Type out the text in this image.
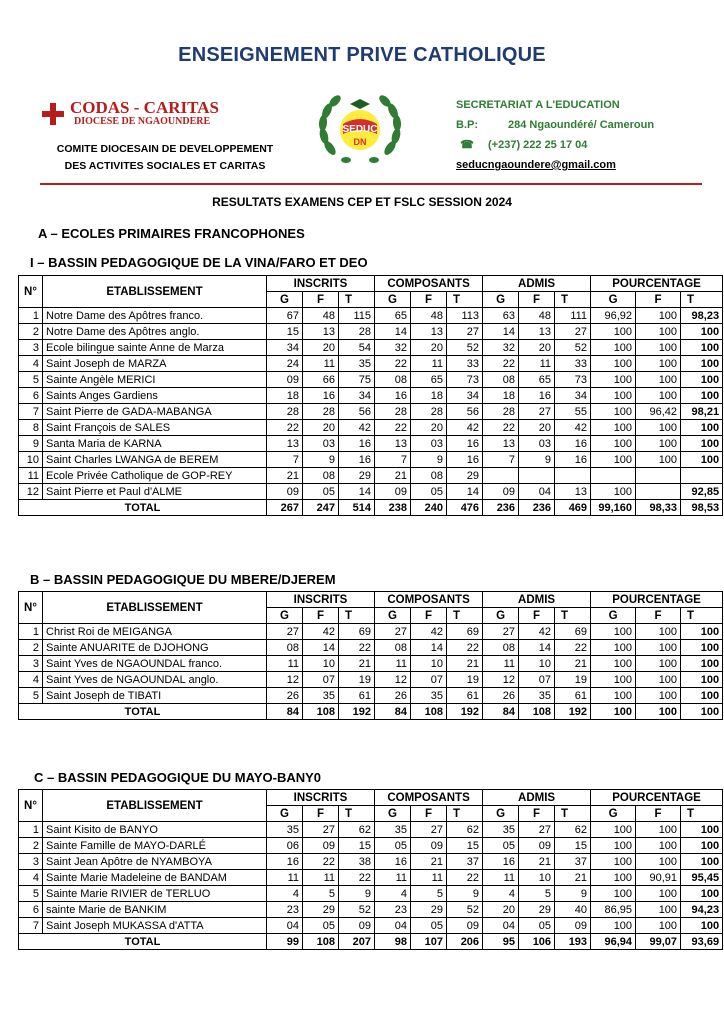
ENSEIGNEMENT PRIVE CATHOLIQUE
CODAS - CARITAS
DIOCESE DE NGAOUNDERE
COMITE DIOCESAIN DE DEVELOPPEMENT
DES ACTIVITES SOCIALES ET CARITAS
SEDUC
DN
SECRETARIAT A L'EDUCATION
B.P:	284 Ngaoundéré/ Cameroun
☎	(+237) 222 25 17 04
seducngaoundere@gmail.com
RESULTATS EXAMENS CEP ET FSLC SESSION 2024
A – ECOLES PRIMAIRES FRANCOPHONES
I – BASSIN PEDAGOGIQUE DE LA VINA/FARO ET DEO
N°	ETABLISSEMENT	INSCRITS			COMPOSANTS			ADMIS			POURCENTAGE		
		G	F	T	G	F	T	G	F	T	G	F	T
1	Notre Dame des Apôtres franco.	67	48	115	65	48	113	63	48	111	96,92	100	98,23
2	Notre Dame des Apôtres anglo.	15	13	28	14	13	27	14	13	27	100	100	100
3	Ecole bilingue sainte Anne de Marza	34	20	54	32	20	52	32	20	52	100	100	100
4	Saint Joseph de MARZA	24	11	35	22	11	33	22	11	33	100	100	100
5	Sainte Angèle MERICI	09	66	75	08	65	73	08	65	73	100	100	100
6	Saints Anges Gardiens	18	16	34	16	18	34	18	16	34	100	100	100
7	Saint Pierre de GADA-MABANGA	28	28	56	28	28	56	28	27	55	100	96,42	98,21
8	Saint François de SALES	22	20	42	22	20	42	22	20	42	100	100	100
9	Santa Maria de KARNA	13	03	16	13	03	16	13	03	16	100	100	100
10	Saint Charles LWANGA de BEREM	7	9	16	7	9	16	7	9	16	100	100	100
11	Ecole Privée Catholique de GOP-REY	21	08	29	21	08	29						
12	Saint Pierre et Paul d'ALME	09	05	14	09	05	14	09	04	13	100		92,85
TOTAL		267	247	514	238	240	476	236	236	469	99,160	98,33	98,53
B – BASSIN PEDAGOGIQUE DU MBERE/DJEREM
N°	ETABLISSEMENT	INSCRITS			COMPOSANTS			ADMIS			POURCENTAGE		
		G	F	T	G	F	T	G	F	T	G	F	T
1	Christ Roi de MEIGANGA	27	42	69	27	42	69	27	42	69	100	100	100
2	Sainte ANUARITE de DJOHONG	08	14	22	08	14	22	08	14	22	100	100	100
3	Saint Yves de NGAOUNDAL franco.	11	10	21	11	10	21	11	10	21	100	100	100
4	Saint Yves de NGAOUNDAL anglo.	12	07	19	12	07	19	12	07	19	100	100	100
5	Saint Joseph de TIBATI	26	35	61	26	35	61	26	35	61	100	100	100
TOTAL		84	108	192	84	108	192	84	108	192	100	100	100
C – BASSIN PEDAGOGIQUE DU MAYO-BANY0
N°	ETABLISSEMENT	INSCRITS			COMPOSANTS			ADMIS			POURCENTAGE		
		G	F	T	G	F	T	G	F	T	G	F	T
1	Saint Kisito de BANYO	35	27	62	35	27	62	35	27	62	100	100	100
2	Sainte Famille de MAYO-DARLÉ	06	09	15	05	09	15	05	09	15	100	100	100
3	Saint Jean Apôtre de NYAMBOYA	16	22	38	16	21	37	16	21	37	100	100	100
4	Sainte Marie Madeleine de BANDAM	11	11	22	11	11	22	11	10	21	100	90,91	95,45
5	Sainte Marie RIVIER de TERLUO	4	5	9	4	5	9	4	5	9	100	100	100
6	sainte Marie de BANKIM	23	29	52	23	29	52	20	29	40	86,95	100	94,23
7	Saint Joseph MUKASSA d'ATTA	04	05	09	04	05	09	04	05	09	100	100	100
TOTAL		99	108	207	98	107	206	95	106	193	96,94	99,07	93,69
